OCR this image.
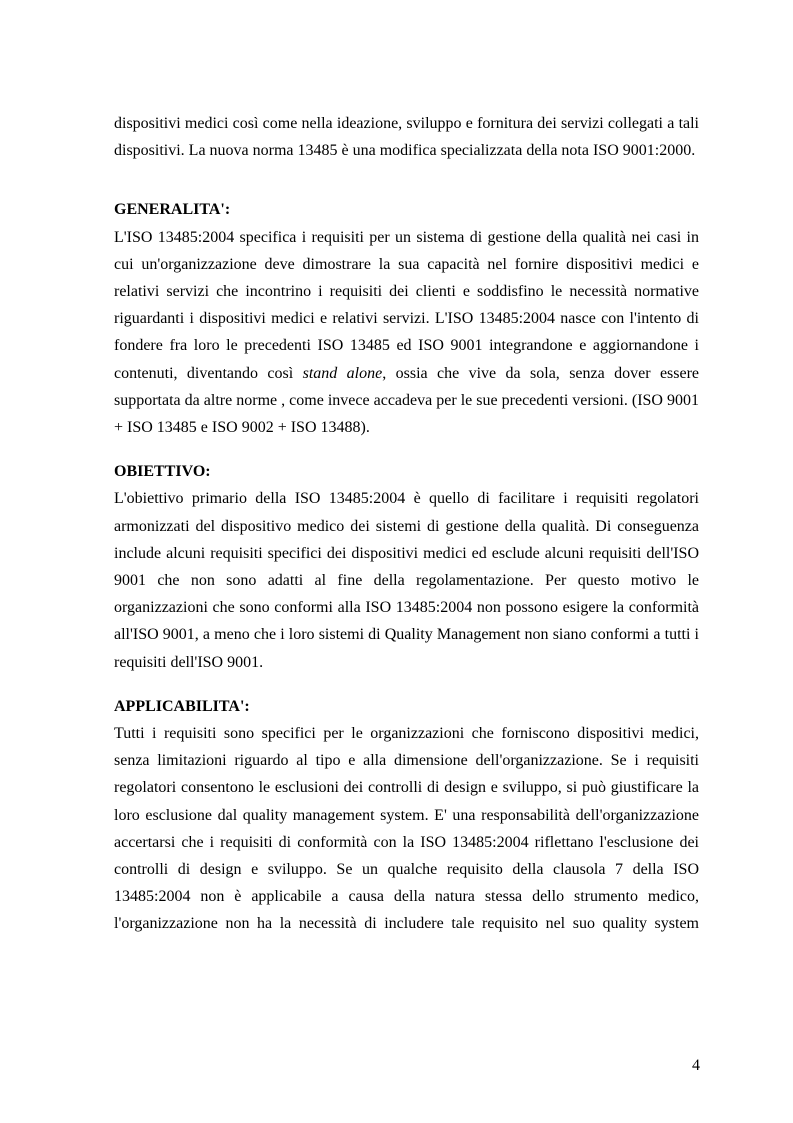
dispositivi medici così come nella ideazione, sviluppo e fornitura dei servizi collegati a tali dispositivi. La nuova norma 13485 è una modifica specializzata della nota ISO 9001:2000.

GENERALITA':

L'ISO 13485:2004 specifica i requisiti per un sistema di gestione della qualità nei casi in cui un'organizzazione deve dimostrare la sua capacità nel fornire dispositivi medici e relativi servizi che incontrino i requisiti dei clienti e soddisfino le necessità normative riguardanti i dispositivi medici e relativi servizi. L'ISO 13485:2004 nasce con l'intento di fondere fra loro le precedenti ISO 13485 ed ISO 9001 integrandone e aggiornandone i contenuti, diventando così stand alone, ossia che vive da sola, senza dover essere supportata da altre norme , come invece accadeva per le sue precedenti versioni. (ISO 9001 + ISO 13485 e ISO 9002 + ISO 13488).

OBIETTIVO:

L'obiettivo primario della ISO 13485:2004 è quello di facilitare i requisiti regolatori armonizzati del dispositivo medico dei sistemi di gestione della qualità. Di conseguenza include alcuni requisiti specifici dei dispositivi medici ed esclude alcuni requisiti dell'ISO 9001 che non sono adatti al fine della regolamentazione. Per questo motivo le organizzazioni che sono conformi alla ISO 13485:2004 non possono esigere la conformità all'ISO 9001, a meno che i loro sistemi di Quality Management non siano conformi a tutti i requisiti dell'ISO 9001.

APPLICABILITA':

Tutti i requisiti sono specifici per le organizzazioni che forniscono dispositivi medici, senza limitazioni riguardo al tipo e alla dimensione dell'organizzazione. Se i requisiti regolatori consentono le esclusioni dei controlli di design e sviluppo, si può giustificare la loro esclusione dal quality management system. E' una responsabilità dell'organizzazione accertarsi che i requisiti di conformità con la ISO 13485:2004 riflettano l'esclusione dei controlli di design e sviluppo. Se un qualche requisito della clausola 7 della ISO 13485:2004 non è applicabile a causa della natura stessa dello strumento medico, l'organizzazione non ha la necessità di includere tale requisito nel suo quality system

4
